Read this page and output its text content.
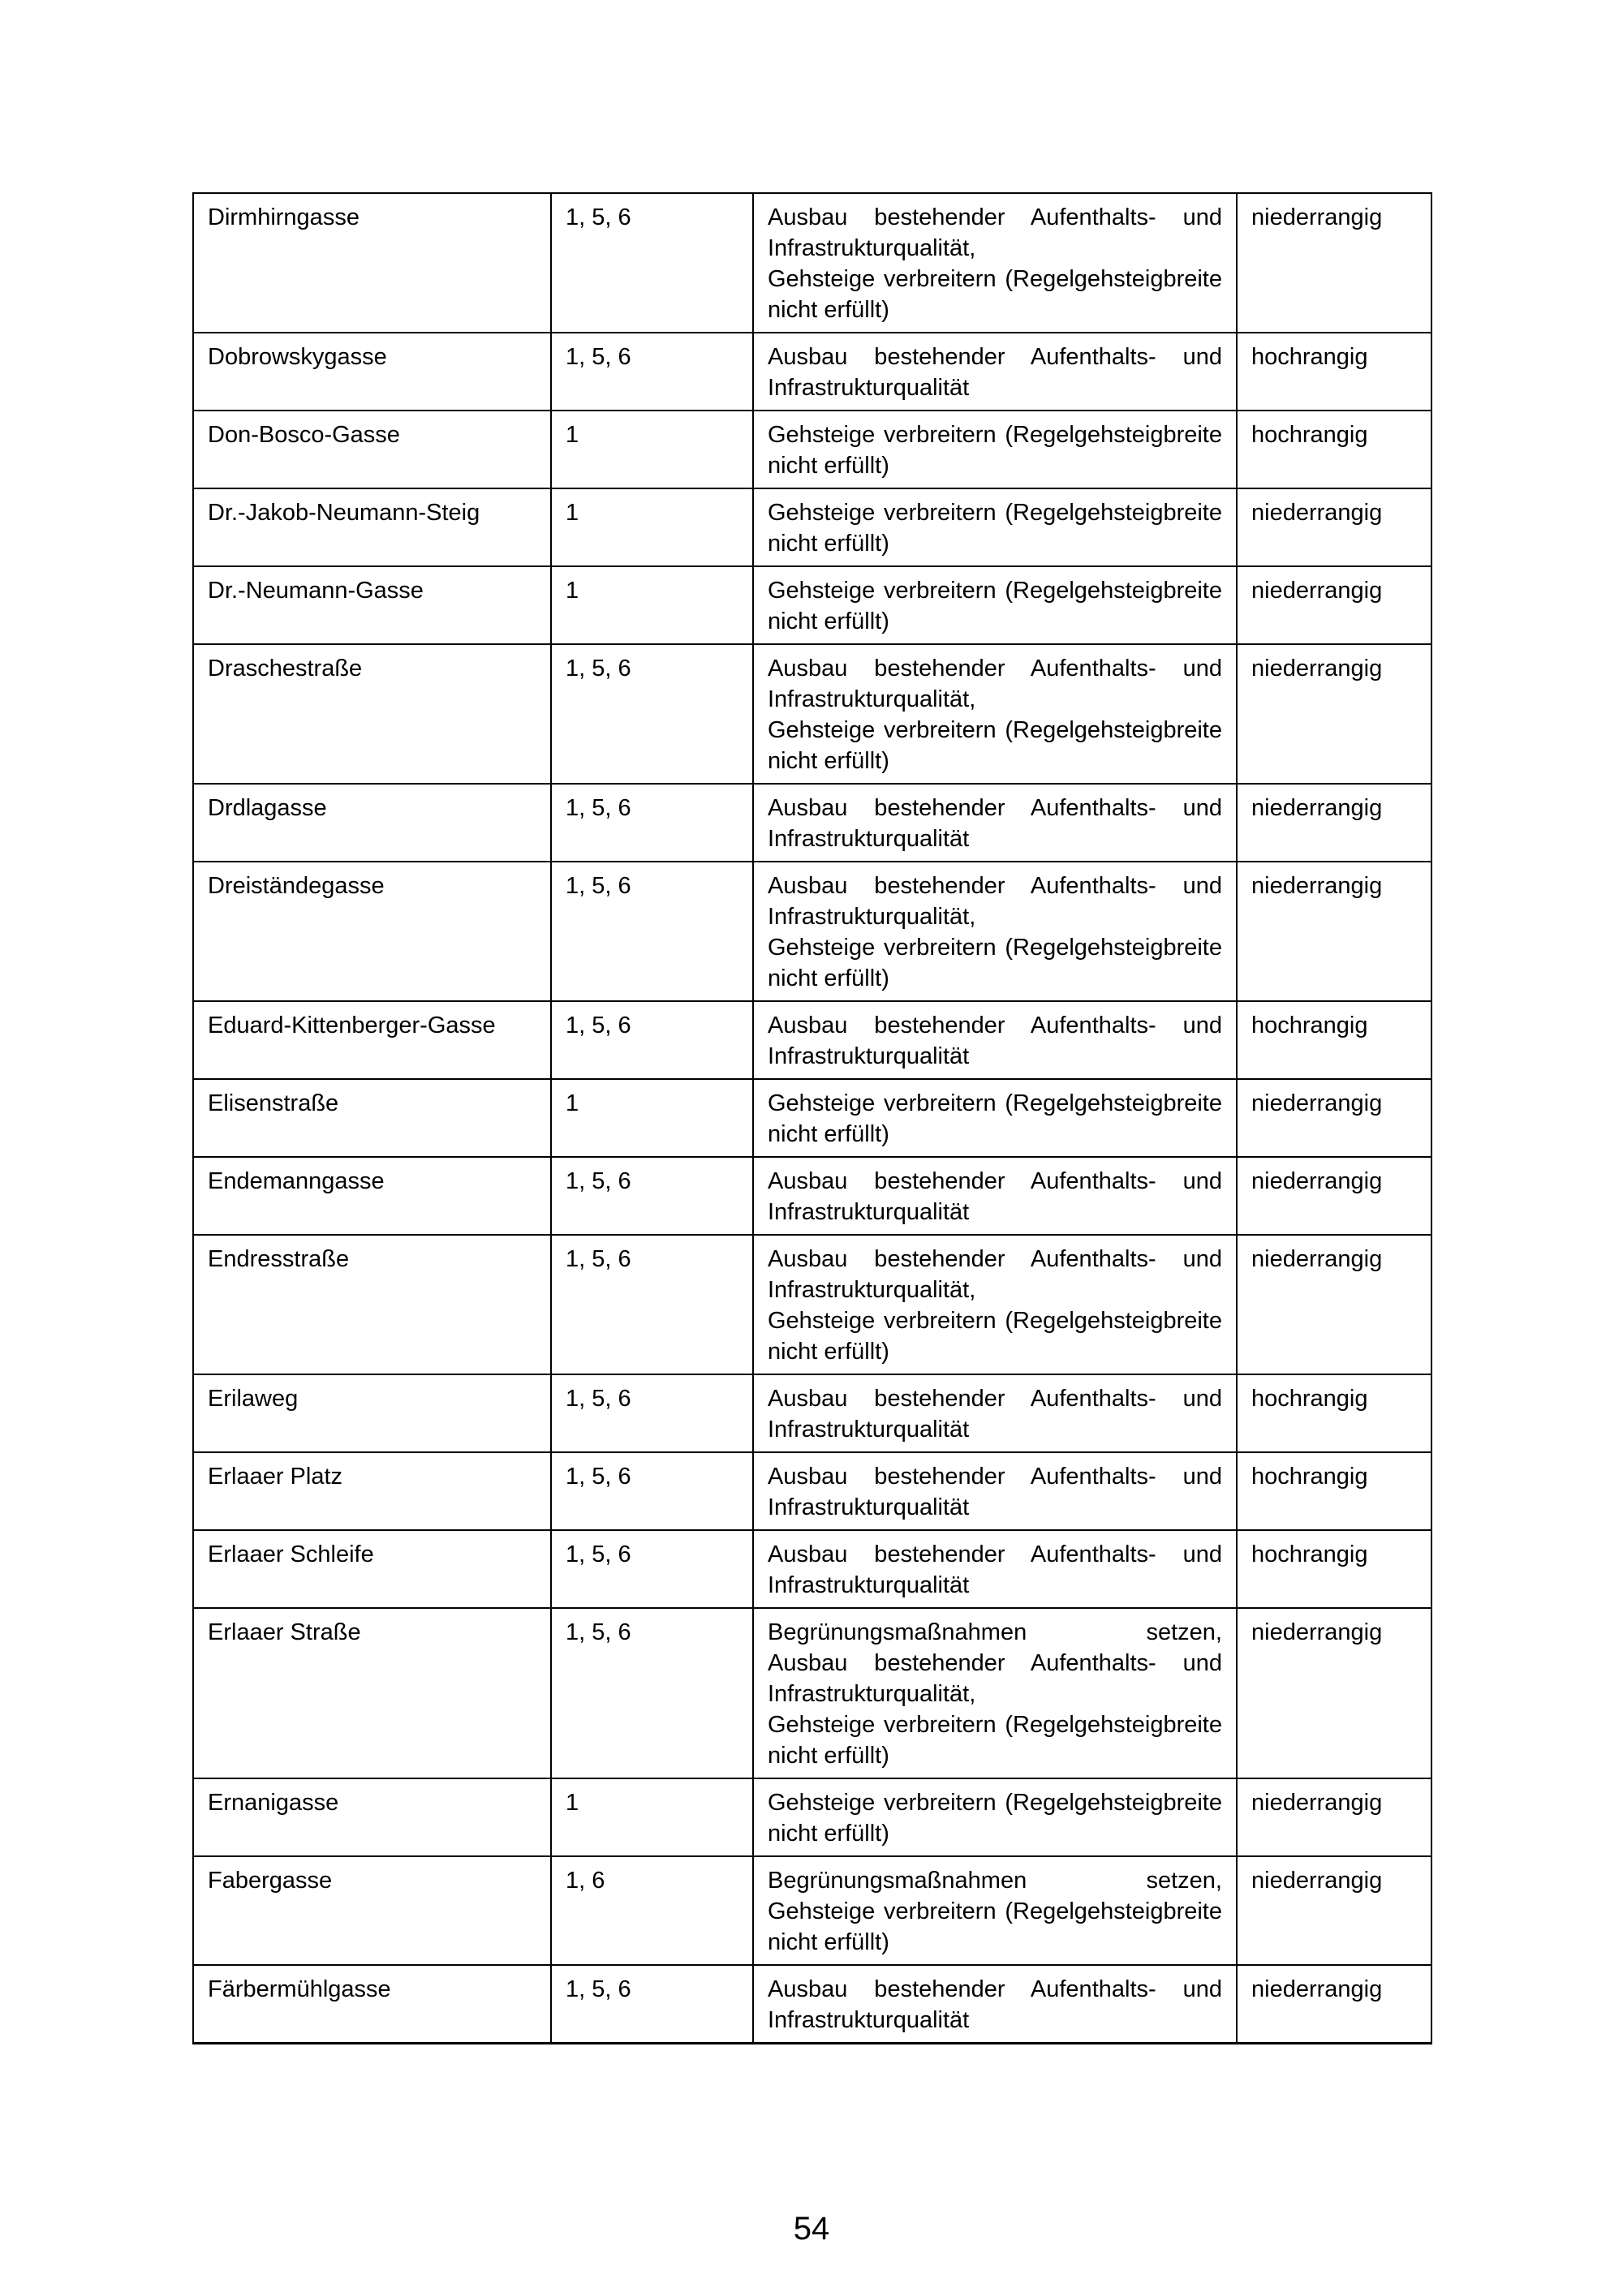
Dirmhirngasse	1, 5, 6	Ausbau bestehender Aufenthalts- und Infrastrukturqualität,
Gehsteige verbreitern (Regelgehsteigbreite nicht erfüllt)	niederrangig
Dobrowskygasse	1, 5, 6	Ausbau bestehender Aufenthalts- und Infrastrukturqualität	hochrangig
Don-Bosco-Gasse	1	Gehsteige verbreitern (Regelgehsteigbreite nicht erfüllt)	hochrangig
Dr.-Jakob-Neumann-Steig	1	Gehsteige verbreitern (Regelgehsteigbreite nicht erfüllt)	niederrangig
Dr.-Neumann-Gasse	1	Gehsteige verbreitern (Regelgehsteigbreite nicht erfüllt)	niederrangig
Draschestraße	1, 5, 6	Ausbau bestehender Aufenthalts- und Infrastrukturqualität,
Gehsteige verbreitern (Regelgehsteigbreite nicht erfüllt)	niederrangig
Drdlagasse	1, 5, 6	Ausbau bestehender Aufenthalts- und Infrastrukturqualität	niederrangig
Dreiständegasse	1, 5, 6	Ausbau bestehender Aufenthalts- und Infrastrukturqualität,
Gehsteige verbreitern (Regelgehsteigbreite nicht erfüllt)	niederrangig
Eduard-Kittenberger-Gasse	1, 5, 6	Ausbau bestehender Aufenthalts- und Infrastrukturqualität	hochrangig
Elisenstraße	1	Gehsteige verbreitern (Regelgehsteigbreite nicht erfüllt)	niederrangig
Endemanngasse	1, 5, 6	Ausbau bestehender Aufenthalts- und Infrastrukturqualität	niederrangig
Endresstraße	1, 5, 6	Ausbau bestehender Aufenthalts- und Infrastrukturqualität,
Gehsteige verbreitern (Regelgehsteigbreite nicht erfüllt)	niederrangig
Erilaweg	1, 5, 6	Ausbau bestehender Aufenthalts- und Infrastrukturqualität	hochrangig
Erlaaer Platz	1, 5, 6	Ausbau bestehender Aufenthalts- und Infrastrukturqualität	hochrangig
Erlaaer Schleife	1, 5, 6	Ausbau bestehender Aufenthalts- und Infrastrukturqualität	hochrangig
Erlaaer Straße	1, 5, 6	Begrünungsmaßnahmen setzen,
Ausbau bestehender Aufenthalts- und Infrastrukturqualität,
Gehsteige verbreitern (Regelgehsteigbreite nicht erfüllt)	niederrangig
Ernanigasse	1	Gehsteige verbreitern (Regelgehsteigbreite nicht erfüllt)	niederrangig
Fabergasse	1, 6	Begrünungsmaßnahmen setzen,
Gehsteige verbreitern (Regelgehsteigbreite nicht erfüllt)	niederrangig
Färbermühlgasse	1, 5, 6	Ausbau bestehender Aufenthalts- und Infrastrukturqualität	niederrangig
54
